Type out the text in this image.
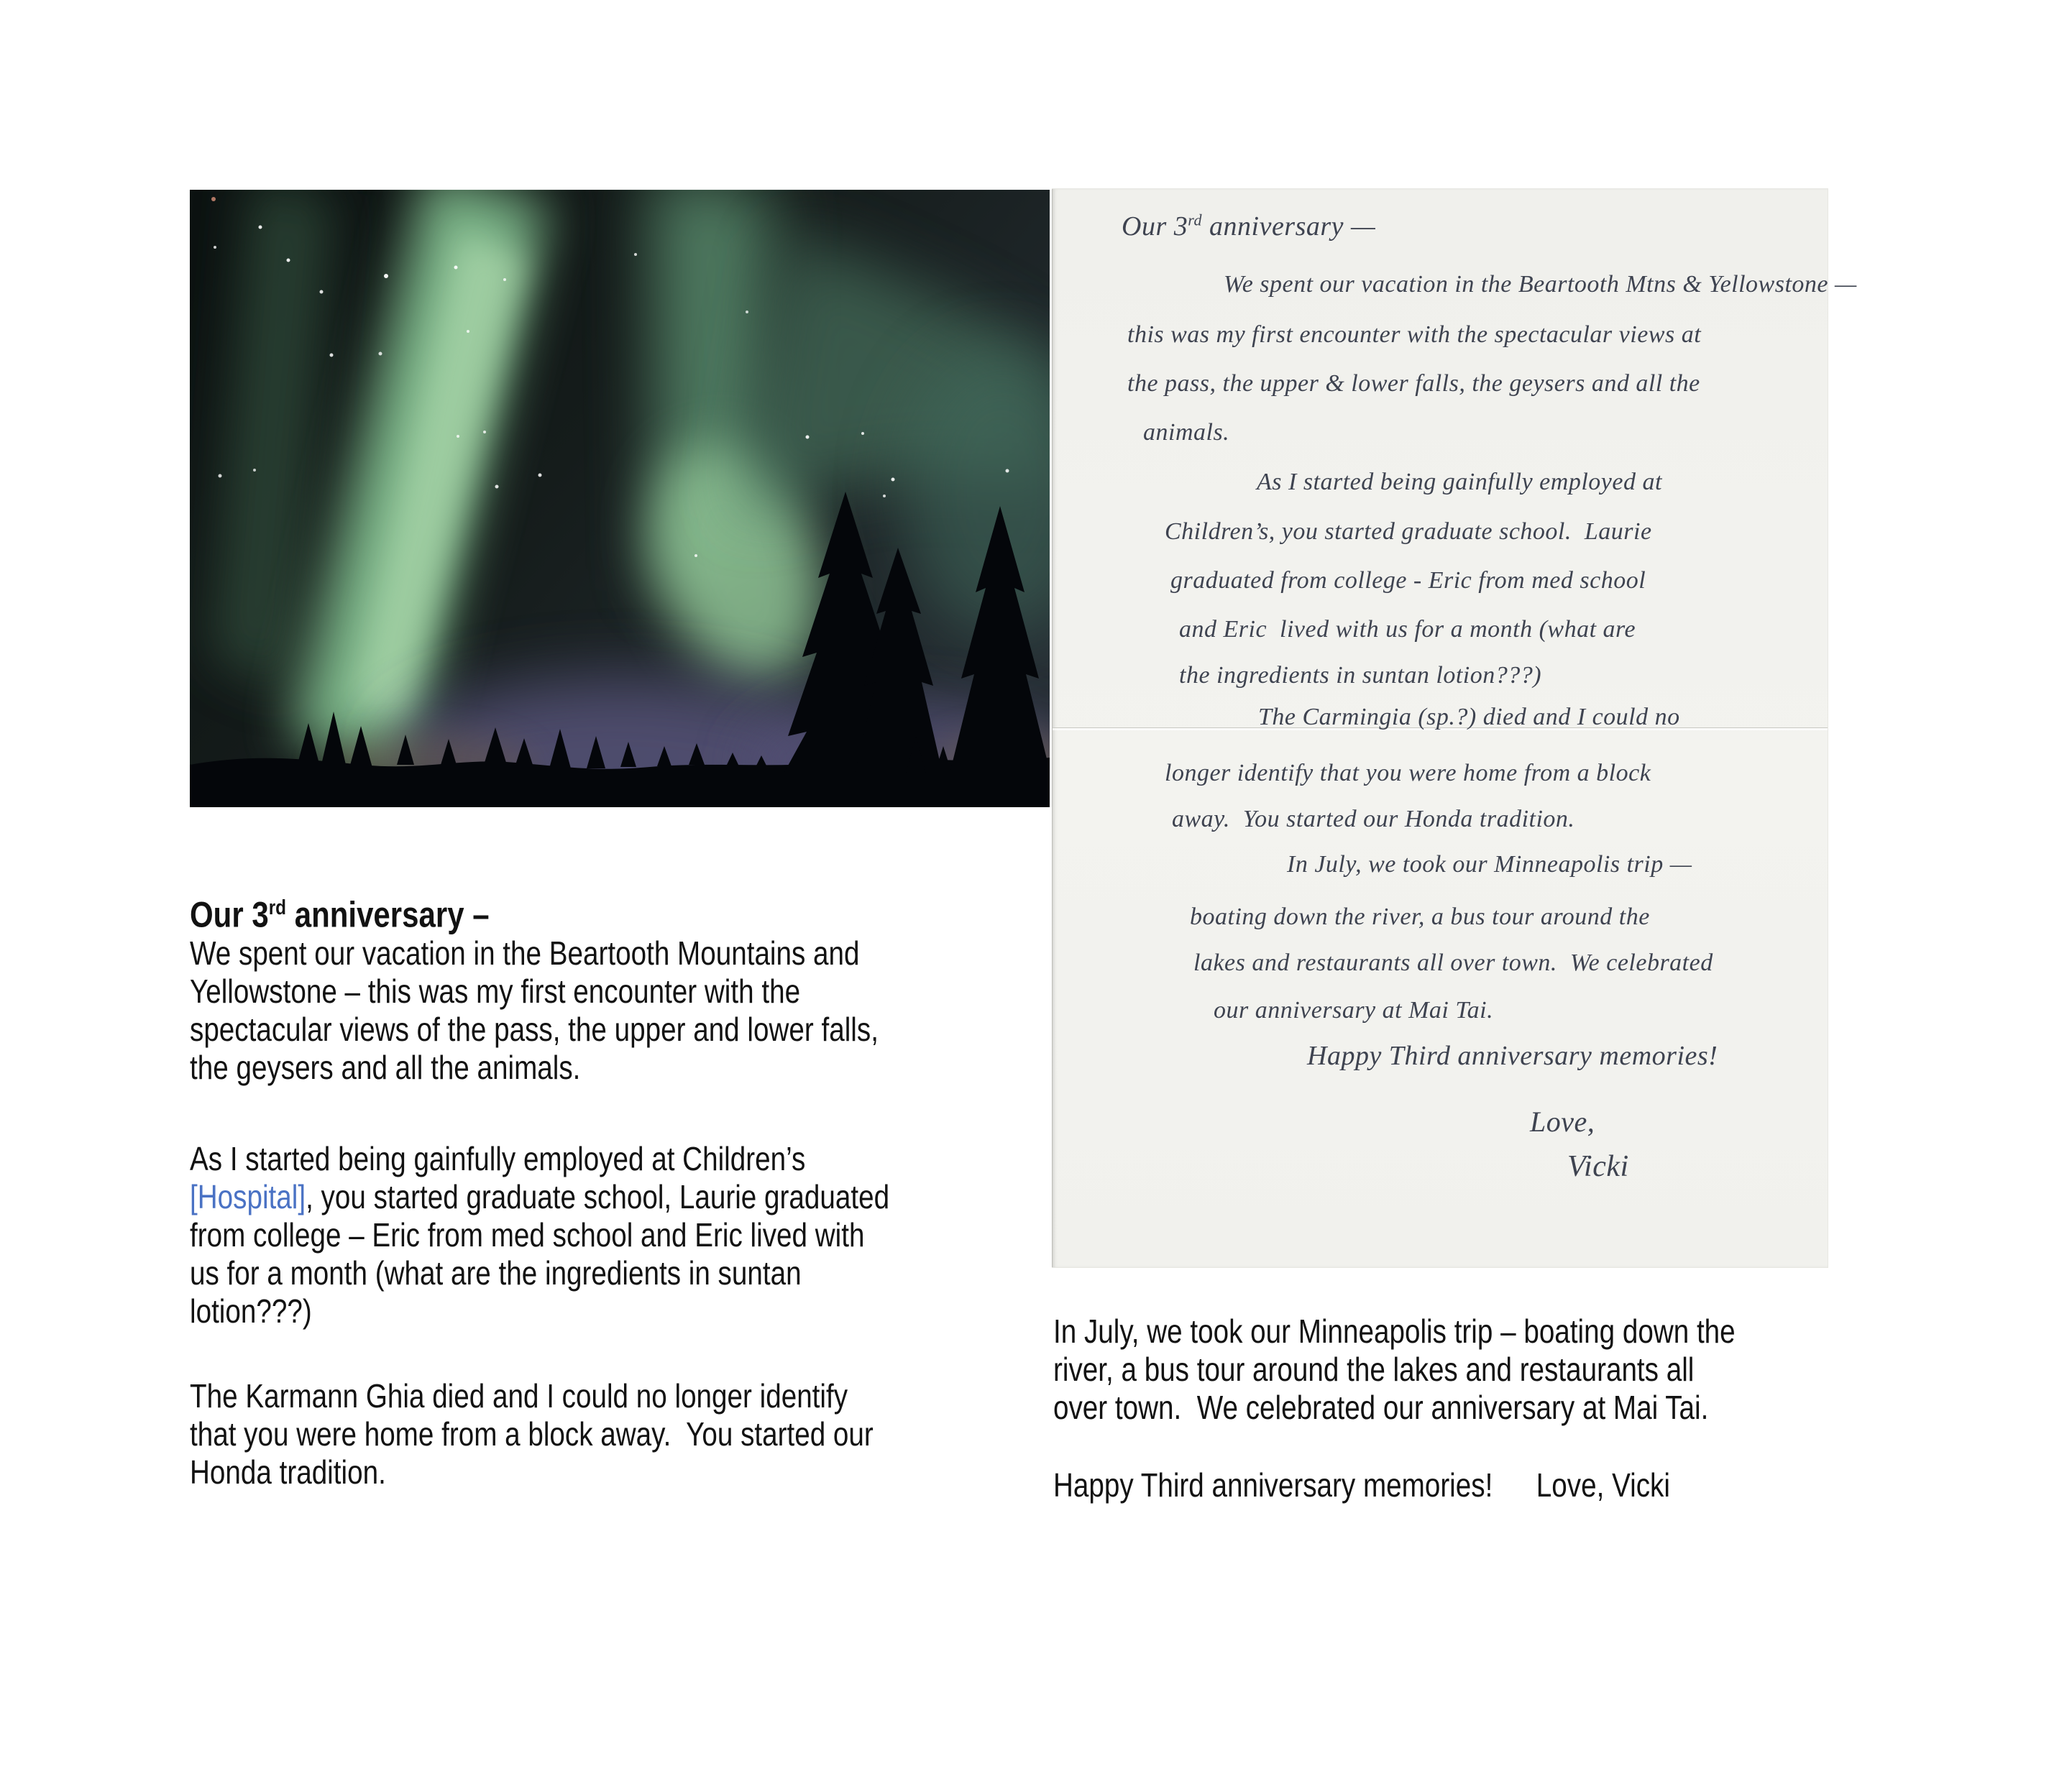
Our 3rd anniversary –
We spent our vacation in the Beartooth Mountains and
Yellowstone – this was my first encounter with the
spectacular views of the pass, the upper and lower falls,
the geysers and all the animals.
As I started being gainfully employed at Children’s
[Hospital], you started graduate school, Laurie graduated
from college – Eric from med school and Eric lived with
us for a month (what are the ingredients in suntan
lotion???)
The Karmann Ghia died and I could no longer identify
that you were home from a block away.  You started our
Honda tradition.
Our 3rd anniversary —
We spent our vacation in the Beartooth Mtns & Yellowstone —
this was my first encounter with the spectacular views at
the pass, the upper & lower falls, the geysers and all the
animals.
As I started being gainfully employed at
Children’s, you started graduate school.  Laurie
graduated from college - Eric from med school
and Eric  lived with us for a month (what are
the ingredients in suntan lotion???)
The Carmingia (sp.?) died and I could no
longer identify that you were home from a block
away.  You started our Honda tradition.
In July, we took our Minneapolis trip —
boating down the river, a bus tour around the
lakes and restaurants all over town.  We celebrated
our anniversary at Mai Tai.
Happy Third anniversary memories!
Love,
Vicki
In July, we took our Minneapolis trip – boating down the
river, a bus tour around the lakes and restaurants all
over town.  We celebrated our anniversary at Mai Tai.
Happy Third anniversary memories! Love, Vicki
